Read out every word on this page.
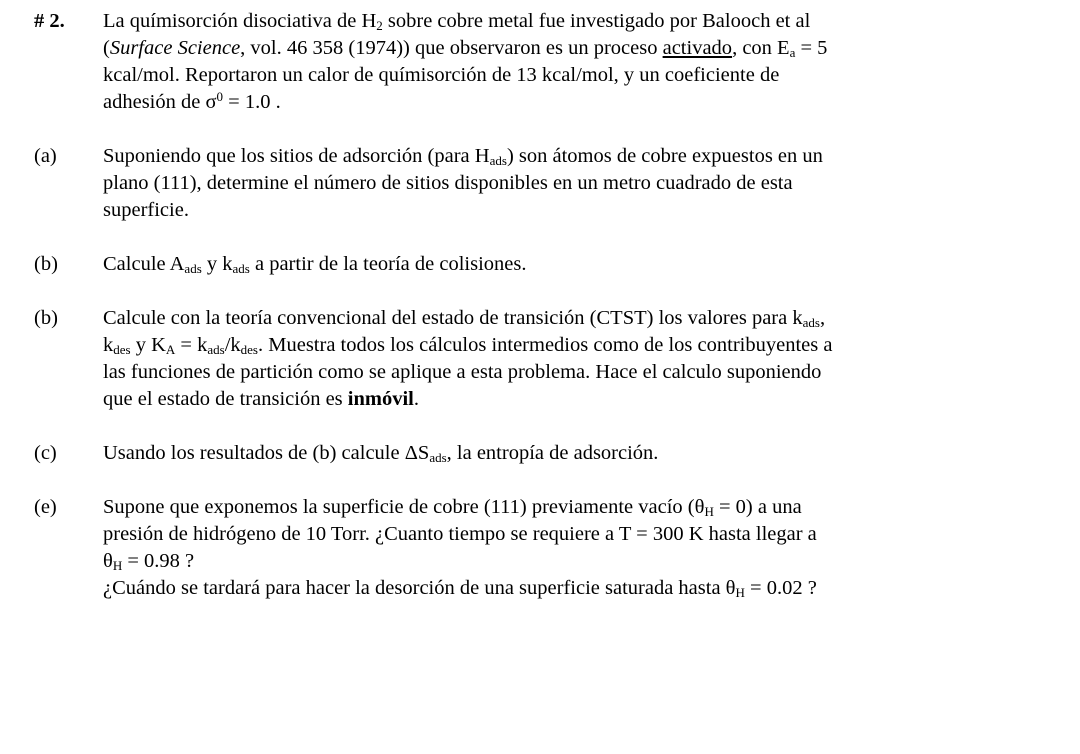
# 2. La químisorción disociativa de $H_2$ sobre cobre metal fue investigado por Balooch et al
(Surface Science, vol. 46 358 (1974)) que observaron es un proceso activado, con $E_a = 5$
kcal/mol. Reportaron un calor de químisorción de 13 kcal/mol, y un coeficiente de
adhesión de $\sigma^0 = 1.0$ .
(a) Suponiendo que los sitios de adsorción (para $H_{ads}$) son átomos de cobre expuestos en un
plano (111), determine el número de sitios disponibles en un metro cuadrado de esta
superficie.
(b) Calcule $A_{ads}$ y $k_{ads}$ a partir de la teoría de colisiones.
(b) Calcule con la teoría convencional del estado de transición (CTST) los valores para $k_{ads}$,
$k_{des}$ y $K_A = k_{ads}/k_{des}$. Muestra todos los cálculos intermedios como de los contribuyentes a
las funciones de partición como se aplique a esta problema. Hace el calculo suponiendo
que el estado de transición es inmóvil.
(c) Usando los resultados de (b) calcule $\Delta S_{ads}$, la entropía de adsorción.
(e) Supone que exponemos la superficie de cobre (111) previamente vacío $(\theta_H = 0)$ a una
presión de hidrógeno de 10 Torr. ¿Cuanto tiempo se requiere a T = 300 K hasta llegar a
$\theta_H = 0.98$ ?
¿Cuándo se tardará para hacer la desorción de una superficie saturada hasta $\theta_H = 0.02$ ?
